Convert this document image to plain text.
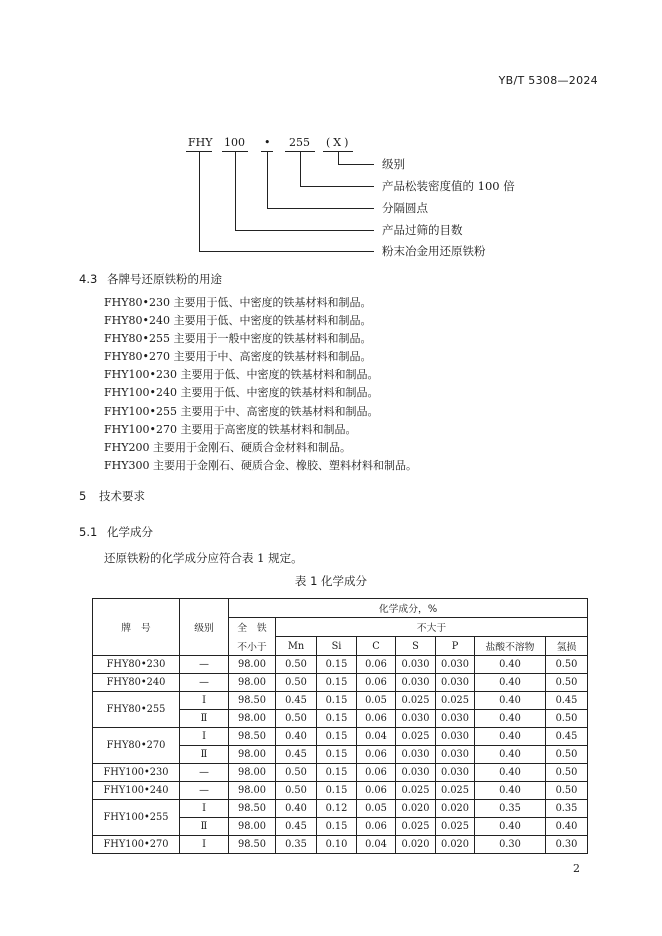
YB/T 5308—2024
FHY 100 • 255 (X)
级别
产品松装密度值的 100 倍
分隔圆点
产品过筛的目数
粉末冶金用还原铁粉
4.3 各牌号还原铁粉的用途
FHY80•230 主要用于低、中密度的铁基材料和制品。
FHY80•240 主要用于低、中密度的铁基材料和制品。
FHY80•255 主要用于一般中密度的铁基材料和制品。
FHY80•270 主要用于中、高密度的铁基材料和制品。
FHY100•230 主要用于低、中密度的铁基材料和制品。
FHY100•240 主要用于低、中密度的铁基材料和制品。
FHY100•255 主要用于中、高密度的铁基材料和制品。
FHY100•270 主要用于高密度的铁基材料和制品。
FHY200 主要用于金刚石、硬质合金材料和制品。
FHY300 主要用于金刚石、硬质合金、橡胶、塑料材料和制品。
5 技术要求
5.1 化学成分
还原铁粉的化学成分应符合表 1 规定。
表 1 化学成分
牌　号	级别	化学成分，%							
		全　铁	不大于						
		不小于	Mn	Si	C	S	P	盐酸不溶物	氢损
FHY80•230	—	98.00	0.50	0.15	0.06	0.030	0.030	0.40	0.50
FHY80•240	—	98.00	0.50	0.15	0.06	0.030	0.030	0.40	0.50
FHY80•255	Ⅰ	98.50	0.45	0.15	0.05	0.025	0.025	0.40	0.45
	Ⅱ	98.00	0.50	0.15	0.06	0.030	0.030	0.40	0.50
FHY80•270	Ⅰ	98.50	0.40	0.15	0.04	0.025	0.030	0.40	0.45
	Ⅱ	98.00	0.45	0.15	0.06	0.030	0.030	0.40	0.50
FHY100•230	—	98.00	0.50	0.15	0.06	0.030	0.030	0.40	0.50
FHY100•240	—	98.00	0.50	0.15	0.06	0.025	0.025	0.40	0.50
FHY100•255	Ⅰ	98.50	0.40	0.12	0.05	0.020	0.020	0.35	0.35
	Ⅱ	98.00	0.45	0.15	0.06	0.025	0.025	0.40	0.40
FHY100•270	Ⅰ	98.50	0.35	0.10	0.04	0.020	0.020	0.30	0.30
2
